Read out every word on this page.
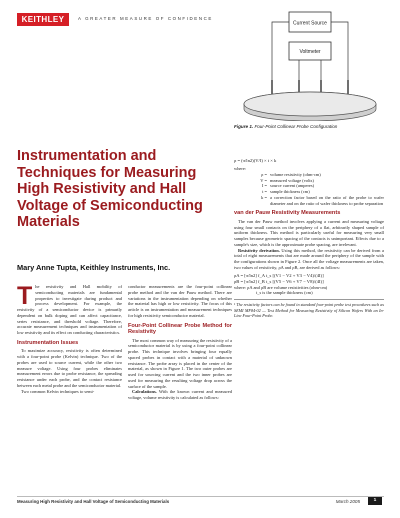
KEITHLEY	A GREATER MEASURE OF CONFIDENCE
Current Source
Voltmeter
Figure 1. Four-Point Collinear Probe Configuration
Instrumentation and Techniques for Measuring High Resistivity and Hall Voltage of Semiconducting Materials
Mary Anne Tupta, Keithley Instruments, Inc.

The resistivity and Hall mobility of semiconducting materials are fundamental properties to investigate during product and process development. For example, the resistivity of a semiconductor device is primarily dependent on bulk doping and can affect capacitance, series resistance, and threshold voltage. Therefore, accurate measurement techniques and instrumentation of low resistivity and its effect on conducting characteristics.

Instrumentation Issues

To maximize accuracy, resistivity is often determined with a four-point probe (Kelvin) technique. Two of the probes are used to source current, while the other two measure voltage. Using four probes eliminates measurement errors due to probe resistance, the spreading resistance under each probe, and the contact resistance between each metal probe and the semiconductor material.

Two common Kelvin techniques to semi-

conductor measurements are the four-point collinear probe method and the van der Pauw method. There are variations in the instrumentation depending on whether the material has high or low resistivity. The focus of this article is on instrumentation and measurement techniques for high resistivity semiconductor material.

Four-Point Collinear Probe Method for Resistivity

The most common way of measuring the resistivity of a semiconductor material is by using a four-point collinear probe. This technique involves bringing four equally spaced probes in contact with a material of unknown resistance. The probe array is placed in the center of the material, as shown in Figure 1. The two outer probes are used for sourcing current and the two inner probes are used for measuring the resulting voltage drop across the surface of the sample.

Calculations. With the known current and measured voltage, volume resistivity is calculated as follows:

ρ = (π/ln2)(V/I) × t × k
where:
ρ = volume resistivity (ohm-cm)
V = measured voltage (volts)
I = source current (amperes)
t = sample thickness (cm)
k = a correction factor based on the ratio of the probe to wafer diameter and on the ratio of wafer thickness to probe separation
van der Pauw Resistivity Measurements

The van der Pauw method involves applying a current and measuring voltage using four small contacts on the periphery of a flat, arbitrarily shaped sample of uniform thickness. This method is particularly useful for measuring very small samples because geometric spacing of the contacts is unimportant. Effects due to a sample's size, which is the approximate probe spacing, are irrelevant.

Resistivity derivation. Using this method, the resistivity can be derived from a total of eight measurements that are made around the periphery of the sample with the configurations shown in Figure 2. Once all the voltage measurements are taken, two values of resistivity, ρA and ρB, are derived as follows:

ρA = [π/ln2] f_A t_s [(V1 − V2 + V3 − V4)/(4I)]
ρB = [π/ln2] f_B t_s [(V5 − V6 + V7 − V8)/(4I)]

where: ρA and ρB are volume resistivities (ohm-cm)

t_s is the sample thickness (cm)

¹ The resistivity factors can be found in standard four-point probe test procedures such as SEMI MF84-02 — Test Method for Measuring Resistivity of Silicon Wafers With an In-Line Four-Point Probe.
Measuring High Resistivity and Hall Voltage of Semiconducting Materials	March 2005	1
